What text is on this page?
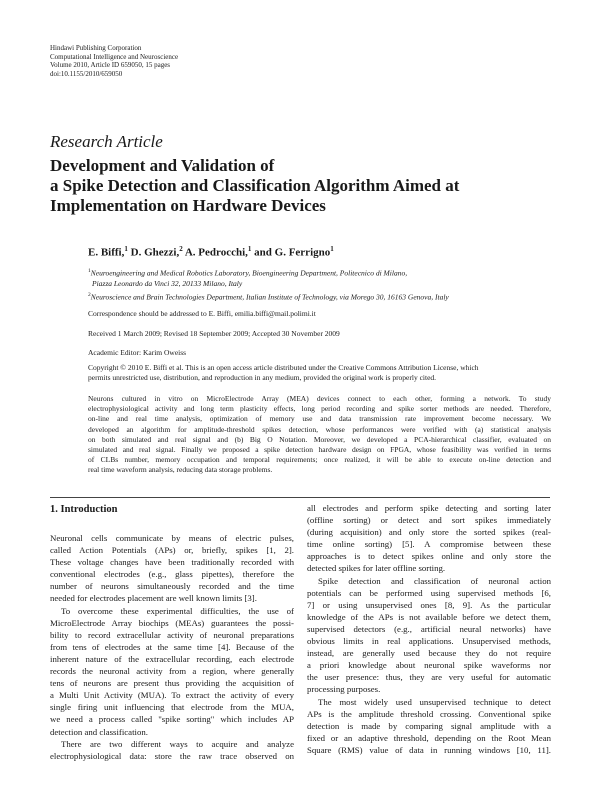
Hindawi Publishing Corporation
Computational Intelligence and Neuroscience
Volume 2010, Article ID 659050, 15 pages
doi:10.1155/2010/659050
Research Article
Development and Validation of
a Spike Detection and Classification Algorithm Aimed at
Implementation on Hardware Devices
E. Biffi,$^1$ D. Ghezzi,$^2$ A. Pedrocchi,$^1$ and G. Ferrigno$^1$
$^1$Neuroengineering and Medical Robotics Laboratory, Bioengineering Department, Politecnico di Milano,
Piazza Leonardo da Vinci 32, 20133 Milano, Italy
$^2$Neuroscience and Brain Technologies Department, Italian Institute of Technology, via Morego 30, 16163 Genova, Italy
Correspondence should be addressed to E. Biffi, emilia.biffi@mail.polimi.it
Received 1 March 2009; Revised 18 September 2009; Accepted 30 November 2009
Academic Editor: Karim Oweiss
Copyright © 2010 E. Biffi et al. This is an open access article distributed under the Creative Commons Attribution License, which
permits unrestricted use, distribution, and reproduction in any medium, provided the original work is properly cited.
Neurons cultured in vitro on MicroElectrode Array (MEA) devices connect to each other, forming a network. To study
electrophysiological activity and long term plasticity effects, long period recording and spike sorter methods are needed. Therefore,
on-line and real time analysis, optimization of memory use and data transmission rate improvement become necessary. We
developed an algorithm for amplitude-threshold spikes detection, whose performances were verified with (a) statistical analysis
on both simulated and real signal and (b) Big O Notation. Moreover, we developed a PCA-hierarchical classifier, evaluated on
simulated and real signal. Finally we proposed a spike detection hardware design on FPGA, whose feasibility was verified in terms
of CLBs number, memory occupation and temporal requirements; once realized, it will be able to execute on-line detection and
real time waveform analysis, reducing data storage problems.
1. Introduction
Neuronal cells communicate by means of electric pulses,
called Action Potentials (APs) or, briefly, spikes [1, 2].
These voltage changes have been traditionally recorded with
conventional electrodes (e.g., glass pipettes), therefore the
number of neurons simultaneously recorded and the time
needed for electrodes placement are well known limits [3].
To overcome these experimental difficulties, the use of
MicroElectrode Array biochips (MEAs) guarantees the possi-
bility to record extracellular activity of neuronal preparations
from tens of electrodes at the same time [4]. Because of the
inherent nature of the extracellular recording, each electrode
records the neuronal activity from a region, where generally
tens of neurons are present thus providing the acquisition of
a Multi Unit Activity (MUA). To extract the activity of every
single firing unit influencing that electrode from the MUA,
we need a process called "spike sorting" which includes AP
detection and classification.
There are two different ways to acquire and analyze
electrophysiological data: store the raw trace observed on
all electrodes and perform spike detecting and sorting later
(offline sorting) or detect and sort spikes immediately
(during acquisition) and only store the sorted spikes (real-
time online sorting) [5]. A compromise between these
approaches is to detect spikes online and only store the
detected spikes for later offline sorting.
Spike detection and classification of neuronal action
potentials can be performed using supervised methods [6,
7] or using unsupervised ones [8, 9]. As the particular
knowledge of the APs is not available before we detect them,
supervised detectors (e.g., artificial neural networks) have
obvious limits in real applications. Unsupervised methods,
instead, are generally used because they do not require
a priori knowledge about neuronal spike waveforms nor
the user presence: thus, they are very useful for automatic
processing purposes.
The most widely used unsupervised technique to detect
APs is the amplitude threshold crossing. Conventional spike
detection is made by comparing signal amplitude with a
fixed or an adaptive threshold, depending on the Root Mean
Square (RMS) value of data in running windows [10, 11].
